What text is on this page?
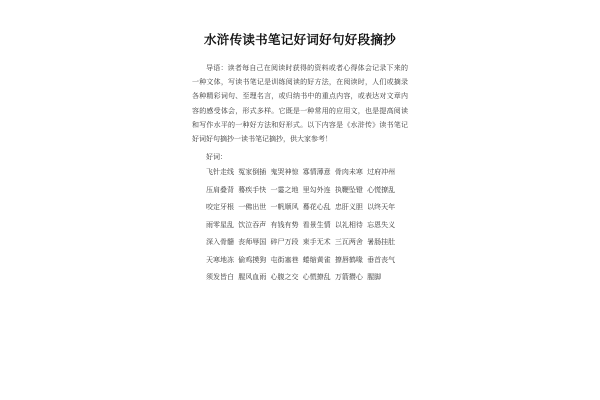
水浒传读书笔记好词好句好段摘抄

导语：读者每自己在阅读时获得的资料或者心得体会记录下来的一种文体，写读书笔记是训练阅读的好方法，在阅读时，人们或摘录各种精彩词句、至理名言，或归纳书中的重点内容，或表达对文章内容的感受体会，形式多样。它既是一种常用的应用文，也是提高阅读和写作水平的一种好方法和好形式。以下内容是《水浒传》读书笔记好词好句摘抄一读书笔记摘抄，供大家参考！

好词：

飞针走线 冤家倒插 鬼哭神惊 寡情薄意 骨肉未寒 过府冲州

压肩叠背 蓦疾手快 一霎之地 里勾外连 执鞭坠镫 心慌撩乱

咬定牙根 一佛出世 一帆顺风 蓦花心乱 忠肝义胆 以终天年

雨零星乱 饮泣吞声 有钱有势 看景生情 以礼相待 忘恩失义

深入骨髓 丧师辱国 碎尸万段 束手无术 三瓦两舍 暑肠挂肚

天寒地冻 偷鸡摸狗 屯街塞巷 蜷缩黄雀 撩唇鹤喙 垂首丧气

须发皆白 腥风血雨 心腹之交 心慌撩乱 万箭攒心 腥脚
